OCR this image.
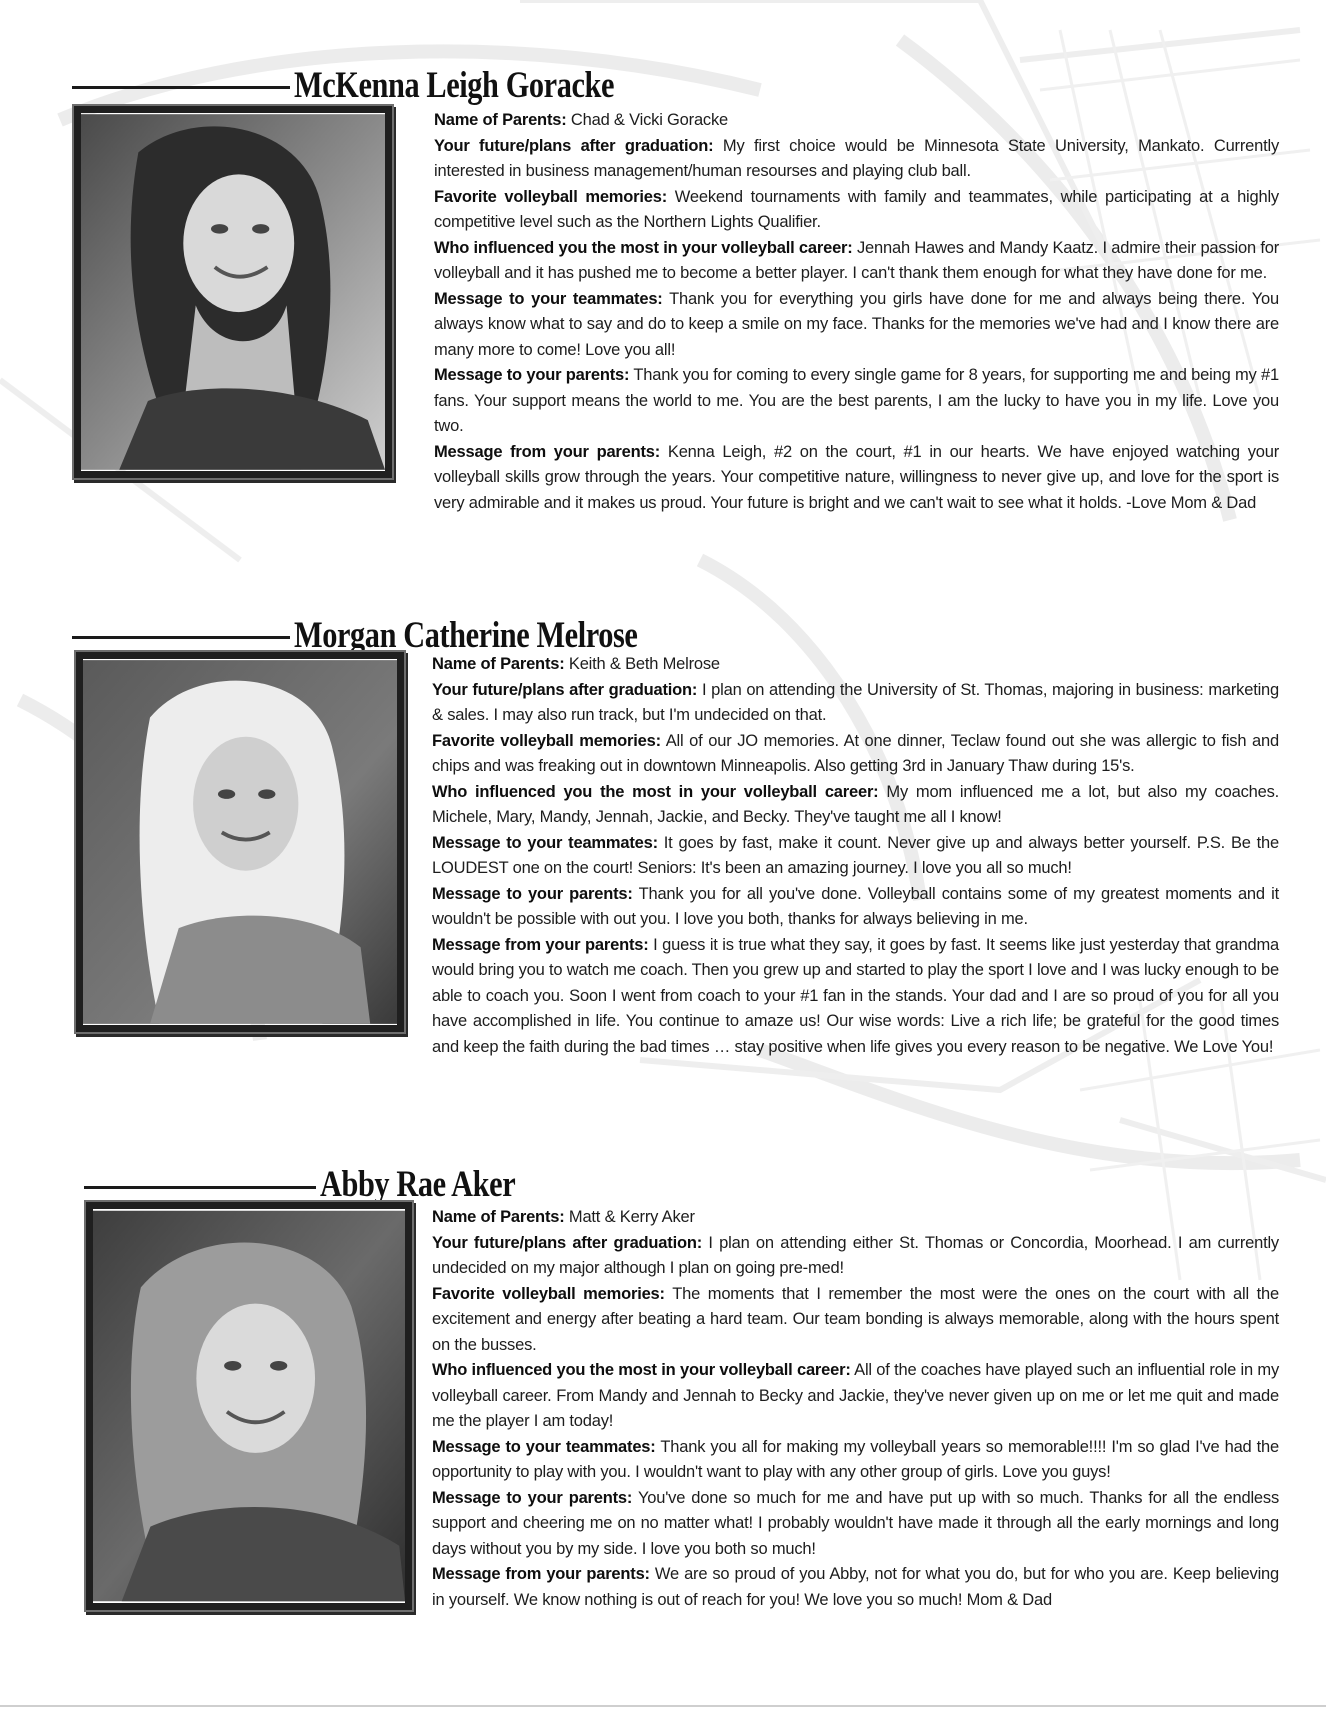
McKenna Leigh Goracke

Name of Parents: Chad & Vicki Goracke

Your future/plans after graduation: My first choice would be Minnesota State University, Mankato. Currently interested in business management/human resourses and playing club ball.

Favorite volleyball memories: Weekend tournaments with family and teammates, while participating at a highly competitive level such as the Northern Lights Qualifier.

Who influenced you the most in your volleyball career: Jennah Hawes and Mandy Kaatz. I admire their passion for volleyball and it has pushed me to become a better player. I can't thank them enough for what they have done for me.

Message to your teammates: Thank you for everything you girls have done for me and always being there. You always know what to say and do to keep a smile on my face. Thanks for the memories we've had and I know there are many more to come! Love you all!

Message to your parents: Thank you for coming to every single game for 8 years, for supporting me and being my #1 fans. Your support means the world to me. You are the best parents, I am the lucky to have you in my life. Love you two.

Message from your parents: Kenna Leigh, #2 on the court, #1 in our hearts. We have enjoyed watching your volleyball skills grow through the years. Your competitive nature, willingness to never give up, and love for the sport is very admirable and it makes us proud. Your future is bright and we can't wait to see what it holds. -Love Mom & Dad

Morgan Catherine Melrose

Name of Parents: Keith & Beth Melrose

Your future/plans after graduation: I plan on attending the University of St. Thomas, majoring in business: marketing & sales. I may also run track, but I'm undecided on that.

Favorite volleyball memories: All of our JO memories. At one dinner, Teclaw found out she was allergic to fish and chips and was freaking out in downtown Minneapolis. Also getting 3rd in January Thaw during 15's.

Who influenced you the most in your volleyball career: My mom influenced me a lot, but also my coaches. Michele, Mary, Mandy, Jennah, Jackie, and Becky. They've taught me all I know!

Message to your teammates: It goes by fast, make it count. Never give up and always better yourself. P.S. Be the LOUDEST one on the court! Seniors: It's been an amazing journey. I love you all so much!

Message to your parents: Thank you for all you've done. Volleyball contains some of my greatest moments and it wouldn't be possible with out you. I love you both, thanks for always believing in me.

Message from your parents: I guess it is true what they say, it goes by fast. It seems like just yesterday that grandma would bring you to watch me coach. Then you grew up and started to play the sport I love and I was lucky enough to be able to coach you. Soon I went from coach to your #1 fan in the stands. Your dad and I are so proud of you for all you have accomplished in life. You continue to amaze us! Our wise words: Live a rich life; be grateful for the good times and keep the faith during the bad times … stay positive when life gives you every reason to be negative. We Love You!

Abby Rae Aker

Name of Parents: Matt & Kerry Aker

Your future/plans after graduation: I plan on attending either St. Thomas or Concordia, Moorhead. I am currently undecided on my major although I plan on going pre-med!

Favorite volleyball memories: The moments that I remember the most were the ones on the court with all the excitement and energy after beating a hard team. Our team bonding is always memorable, along with the hours spent on the busses.

Who influenced you the most in your volleyball career: All of the coaches have played such an influential role in my volleyball career. From Mandy and Jennah to Becky and Jackie, they've never given up on me or let me quit and made me the player I am today!

Message to your teammates: Thank you all for making my volleyball years so memorable!!!! I'm so glad I've had the opportunity to play with you. I wouldn't want to play with any other group of girls. Love you guys!

Message to your parents: You've done so much for me and have put up with so much. Thanks for all the endless support and cheering me on no matter what! I probably wouldn't have made it through all the early mornings and long days without you by my side. I love you both so much!

Message from your parents: We are so proud of you Abby, not for what you do, but for who you are. Keep believing in yourself. We know nothing is out of reach for you! We love you so much! Mom & Dad
